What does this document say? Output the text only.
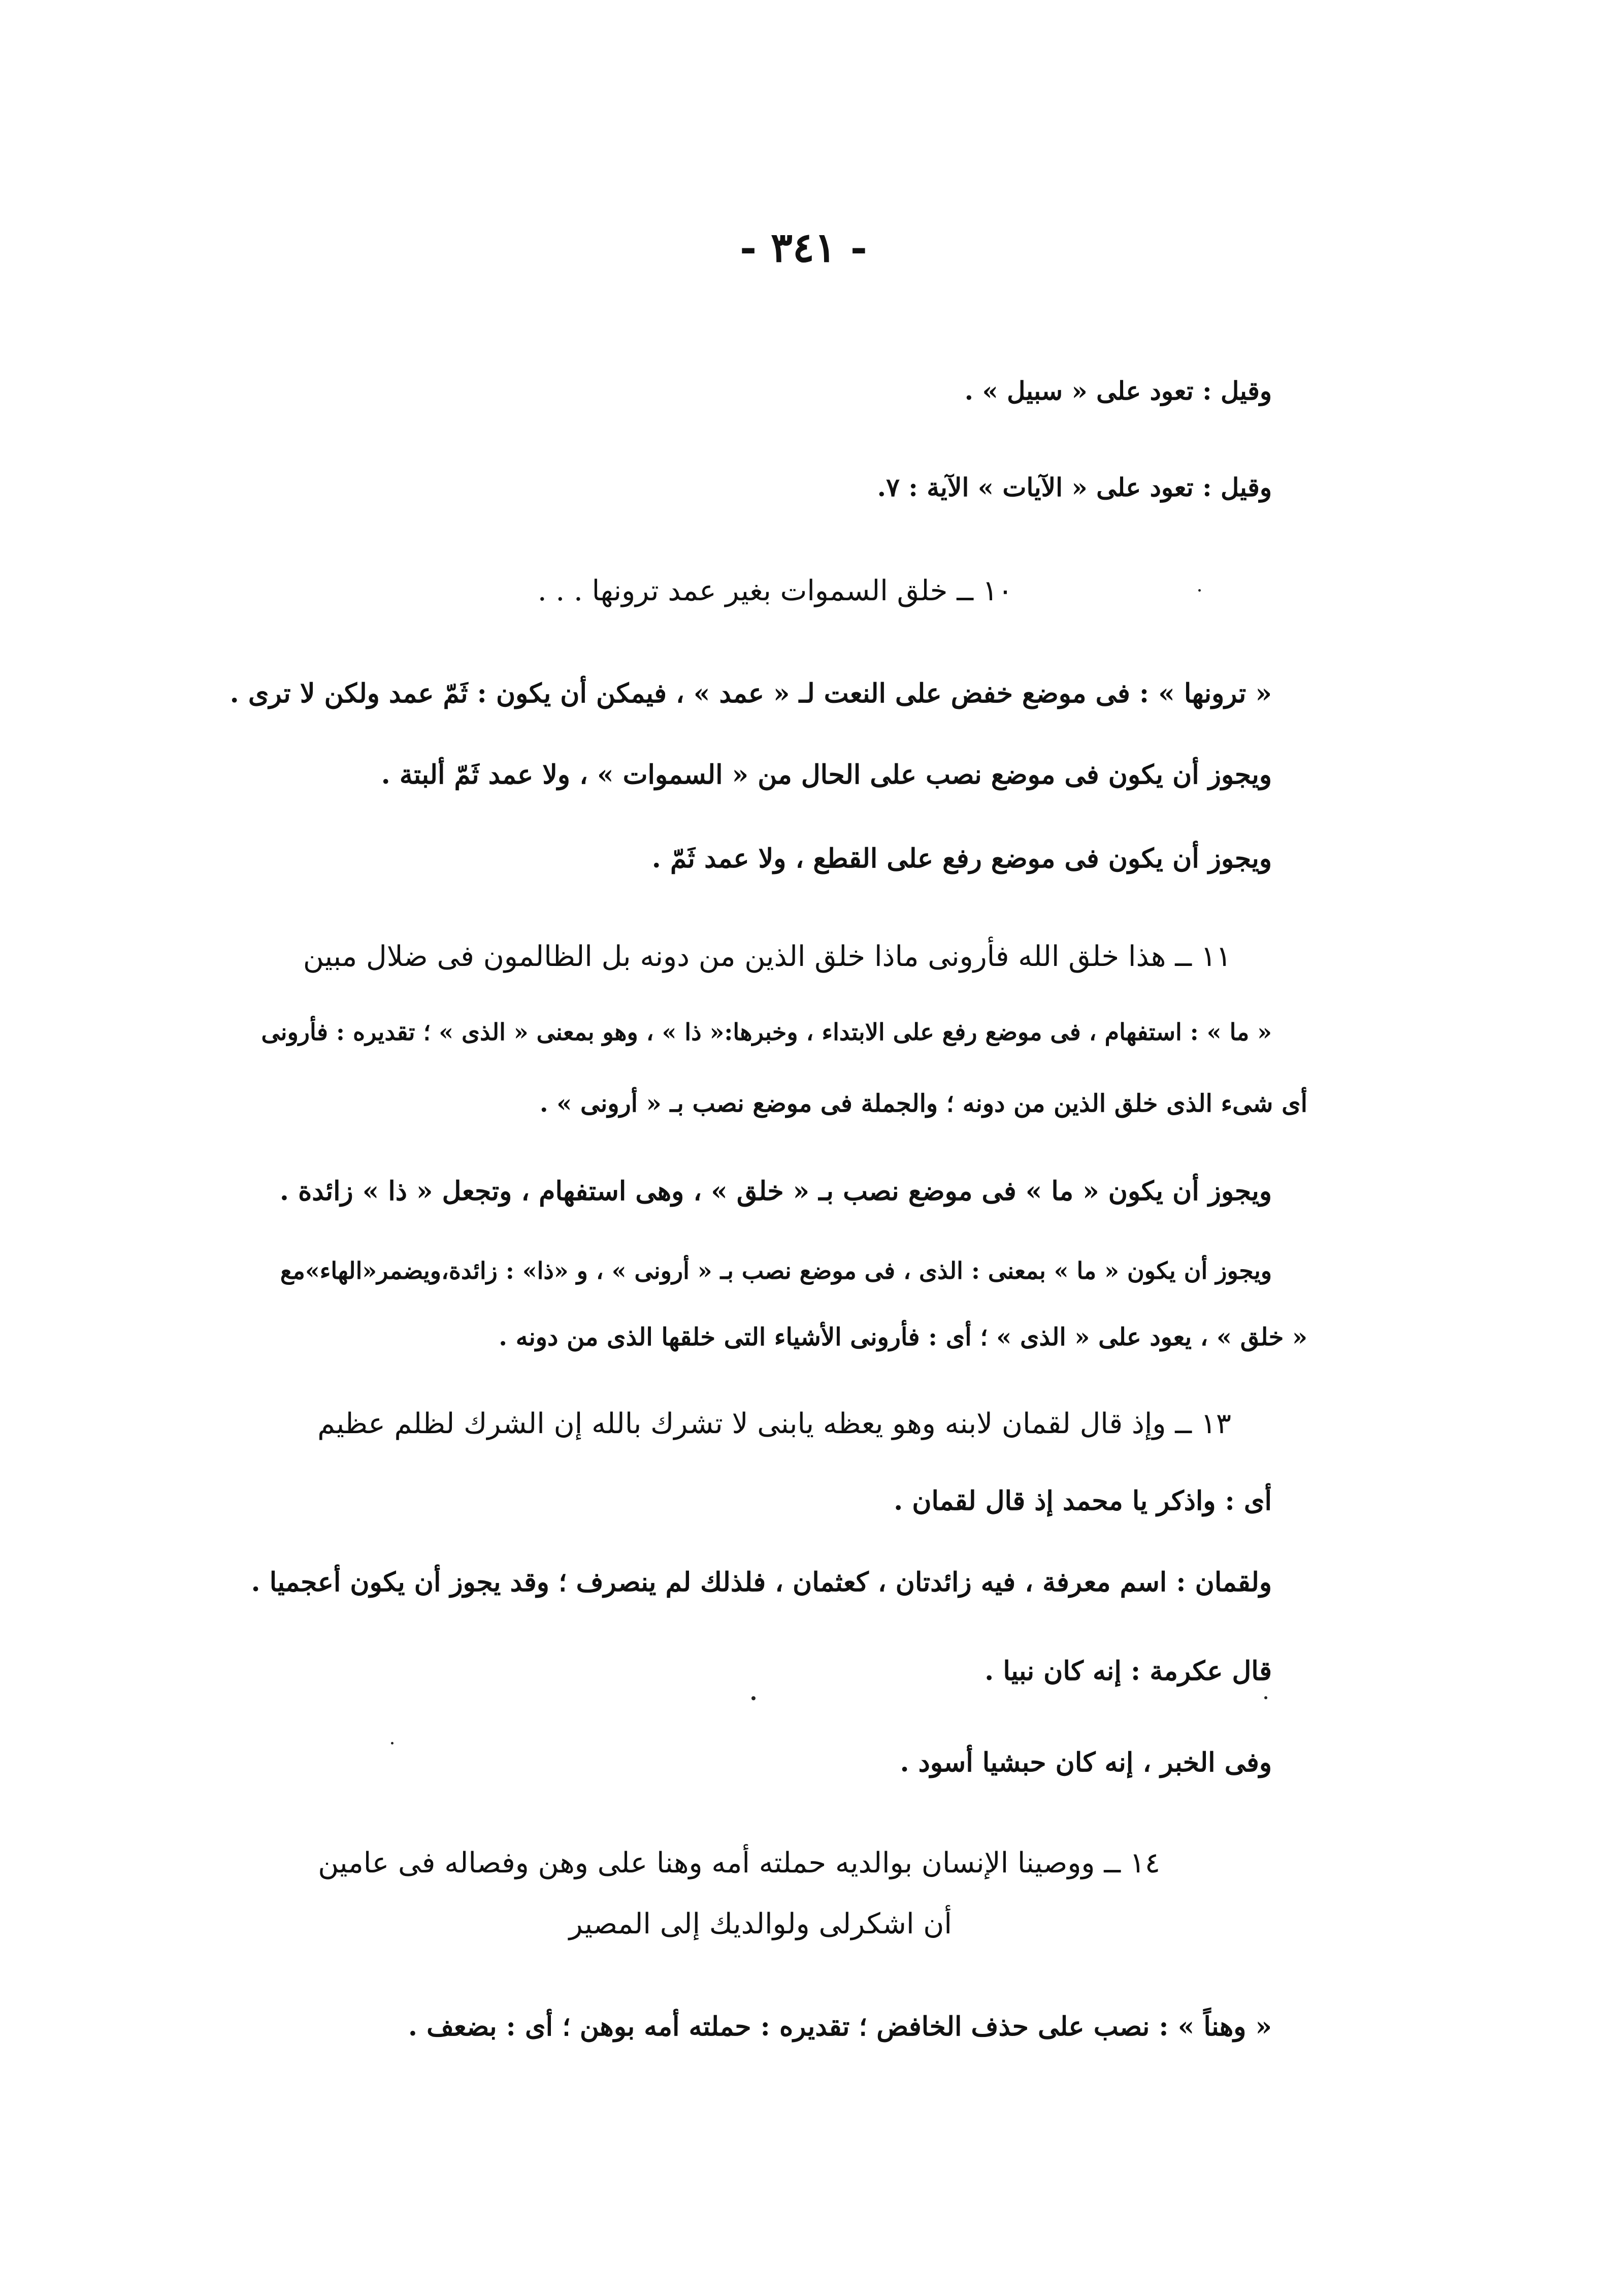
- ٣٤١ -
وقيل : تعود على « سبيل » .
وقيل : تعود على « الآيات » الآية : ٧.
١٠ ــ خلق السموات بغير عمد ترونها . . .
« ترونها » : فى موضع خفض على النعت لـ « عمد » ، فيمكن أن يكون : ثَمّ عمد ولكن لا ترى .
ويجوز أن يكون فى موضع نصب على الحال من « السموات » ، ولا عمد ثَمّ ألبتة .
ويجوز أن يكون فى موضع رفع على القطع ، ولا عمد ثَمّ .
١١ ــ هذا خلق الله فأرونى ماذا خلق الذين من دونه بل الظالمون فى ضلال مبين
« ما » : استفهام ، فى موضع رفع على الابتداء ، وخبرها:« ذا » ، وهو بمعنى « الذى » ؛ تقديره : فأرونى
أى شىء الذى خلق الذين من دونه ؛ والجملة فى موضع نصب بـ « أرونى » .
ويجوز أن يكون « ما » فى موضع نصب بـ « خلق » ، وهى استفهام ، وتجعل « ذا » زائدة .
ويجوز أن يكون « ما » بمعنى : الذى ، فى موضع نصب بـ « أرونى » ، و «ذا» : زائدة،ويضمر«الهاء»مع
« خلق » ، يعود على « الذى » ؛ أى : فأرونى الأشياء التى خلقها الذى من دونه .
١٣ ــ وإذ قال لقمان لابنه وهو يعظه يابنى لا تشرك بالله إن الشرك لظلم عظيم
أى : واذكر يا محمد إذ قال لقمان .
ولقمان : اسم معرفة ، فيه زائدتان ، كعثمان ، فلذلك لم ينصرف ؛ وقد يجوز أن يكون أعجميا .
قال عكرمة : إنه كان نبيا .
وفى الخبر ، إنه كان حبشيا أسود .
١٤ ــ ووصينا الإنسان بوالديه حملته أمه وهنا على وهن وفصاله فى عامين
أن اشكرلى ولوالديك إلى المصير
« وهناً » : نصب على حذف الخافض ؛ تقديره : حملته أمه بوهن ؛ أى : بضعف .
